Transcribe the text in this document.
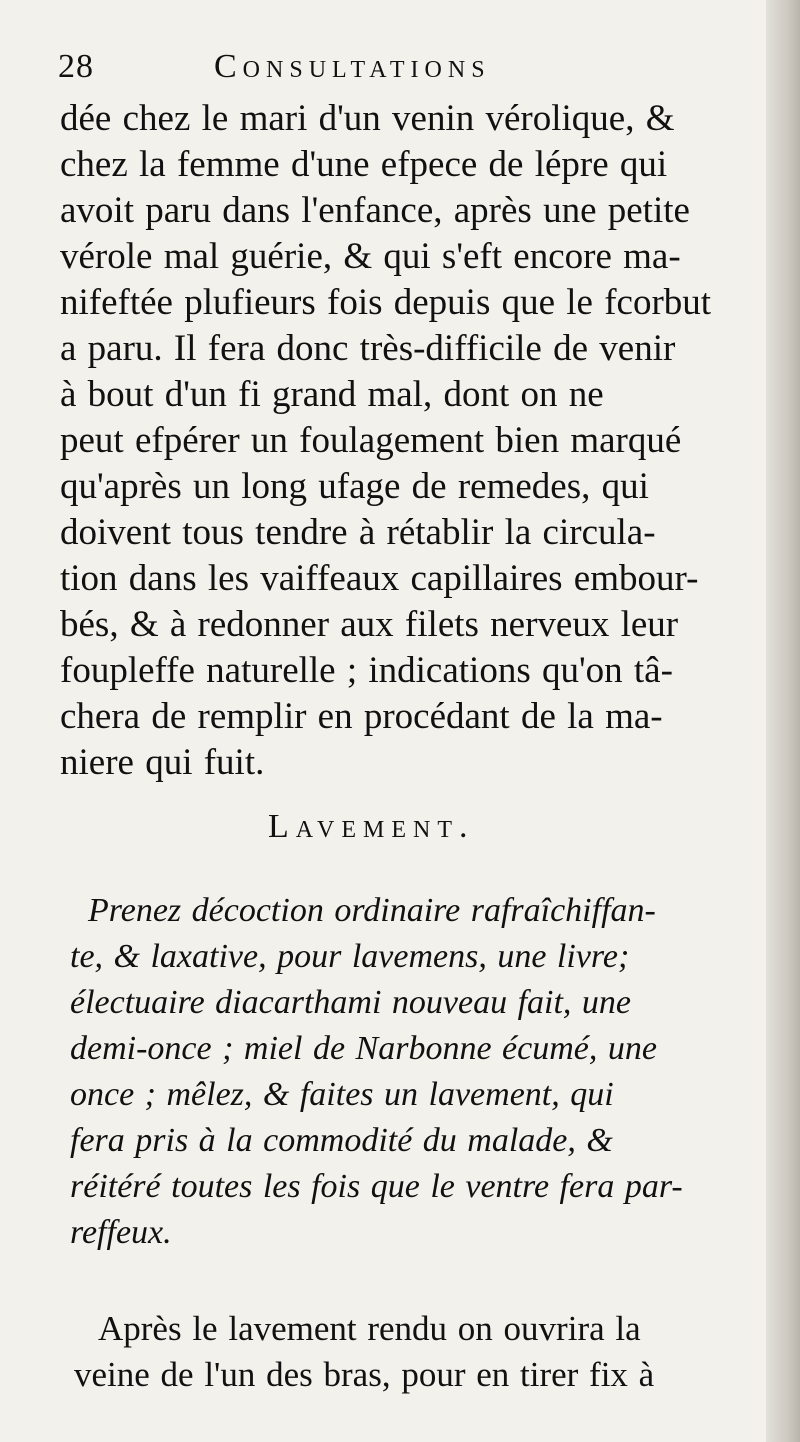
28	Consultations
dée chez le mari d'un venin vérolique, &
chez la femme d'une efpece de lépre qui
avoit paru dans l'enfance, après une petite
vérole mal guérie, & qui s'eft encore ma-
nifeftée plufieurs fois depuis que le fcorbut
a paru. Il fera donc très-difficile de venir
à bout d'un fi grand mal, dont on ne
peut efpérer un foulagement bien marqué
qu'après un long ufage de remedes, qui
doivent tous tendre à rétablir la circula-
tion dans les vaiffeaux capillaires embour-
bés, & à redonner aux filets nerveux leur
foupleffe naturelle ; indications qu'on tâ-
chera de remplir en procédant de la ma-
niere qui fuit.
Lavement.
Prenez décoction ordinaire rafraîchiffan-
te, & laxative, pour lavemens, une livre;
électuaire diacarthami nouveau fait, une
demi-once ; miel de Narbonne écumé, une
once ; mêlez, & faites un lavement, qui
fera pris à la commodité du malade, &
réitéré toutes les fois que le ventre fera par-
reffeux.
Après le lavement rendu on ouvrira la
veine de l'un des bras, pour en tirer fix à
